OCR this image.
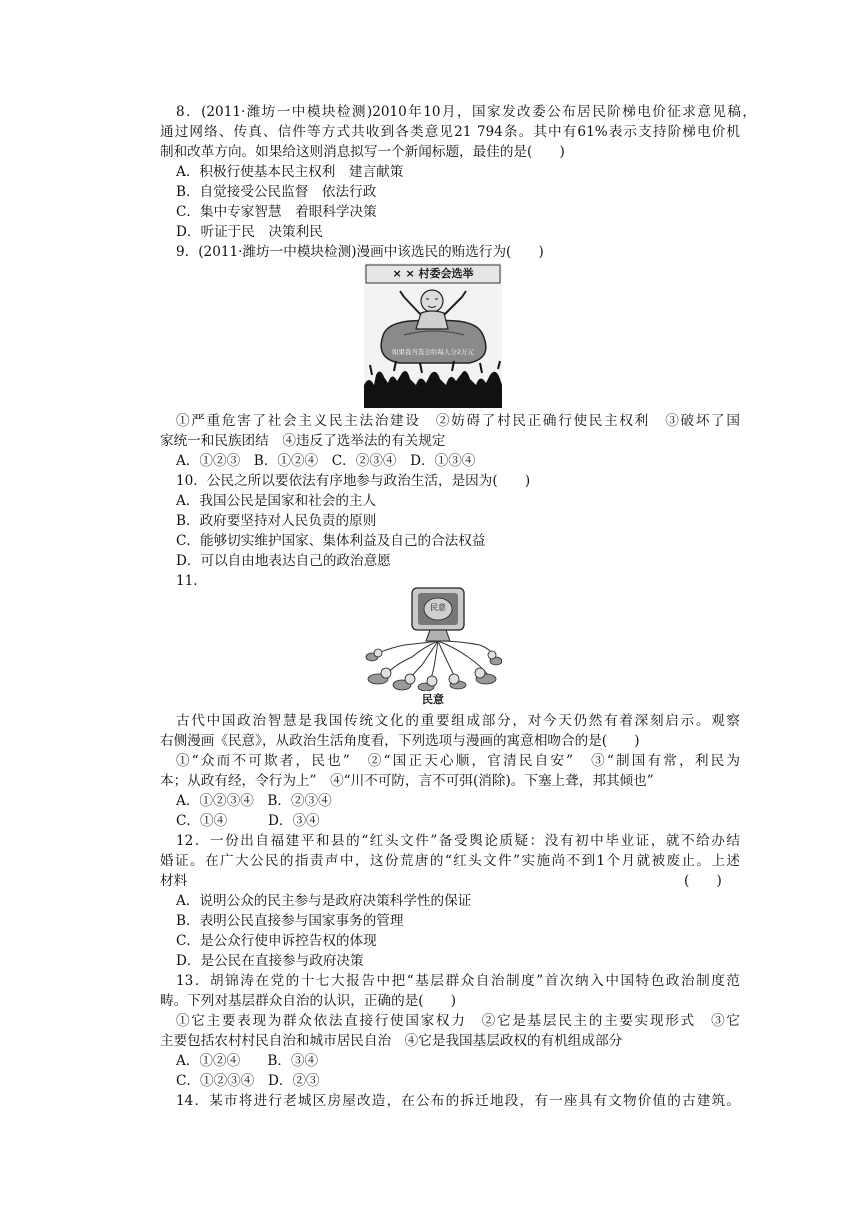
8．(2011·潍坊一中模块检测)2010年10月，国家发改委公布居民阶梯电价征求意见稿，
通过网络、传真、信件等方式共收到各类意见21 794条。其中有61%表示支持阶梯电价机
制和改革方向。如果给这则消息拟写一个新闻标题，最佳的是(　　)
A．积极行使基本民主权利　建言献策
B．自觉接受公民监督　依法行政
C．集中专家智慧　着眼科学决策
D．听证于民　决策利民
9．(2011·潍坊一中模块检测)漫画中该选民的贿选行为(　　)
× × 村委会选举
如果我当选会给每人分2万元
①严重危害了社会主义民主法治建设　②妨碍了村民正确行使民主权利　③破坏了国
家统一和民族团结　④违反了选举法的有关规定
A．①②③　B．①②④　C．②③④　D．①③④
10．公民之所以要依法有序地参与政治生活，是因为(　　)
A．我国公民是国家和社会的主人
B．政府要坚持对人民负责的原则
C．能够切实维护国家、集体利益及自己的合法权益
D．可以自由地表达自己的政治意愿
11.
民意
民意
古代中国政治智慧是我国传统文化的重要组成部分，对今天仍然有着深刻启示。观察
右侧漫画《民意》，从政治生活角度看，下列选项与漫画的寓意相吻合的是(　　)
①“众而不可欺者，民也”　②“国正天心顺，官清民自安”　③“制国有常，利民为
本；从政有经，令行为上”　④“川不可防，言不可弭(消除)。下塞上聋，邦其倾也”
A．①②③④　B．②③④
C．①④　　　D．③④
12．一份出自福建平和县的“红头文件”备受舆论质疑：没有初中毕业证，就不给办结
婚证。在广大公民的指责声中，这份荒唐的“红头文件”实施尚不到1个月就被废止。上述
材料	(　　)
A．说明公众的民主参与是政府决策科学性的保证
B．表明公民直接参与国家事务的管理
C．是公众行使申诉控告权的体现
D．是公民在直接参与政府决策
13．胡锦涛在党的十七大报告中把“基层群众自治制度”首次纳入中国特色政治制度范
畴。下列对基层群众自治的认识，正确的是(　　)
①它主要表现为群众依法直接行使国家权力　②它是基层民主的主要实现形式　③它
主要包括农村村民自治和城市居民自治　④它是我国基层政权的有机组成部分
A．①②④　　B．③④
C．①②③④　D．②③
14．某市将进行老城区房屋改造，在公布的拆迁地段，有一座具有文物价值的古建筑。
